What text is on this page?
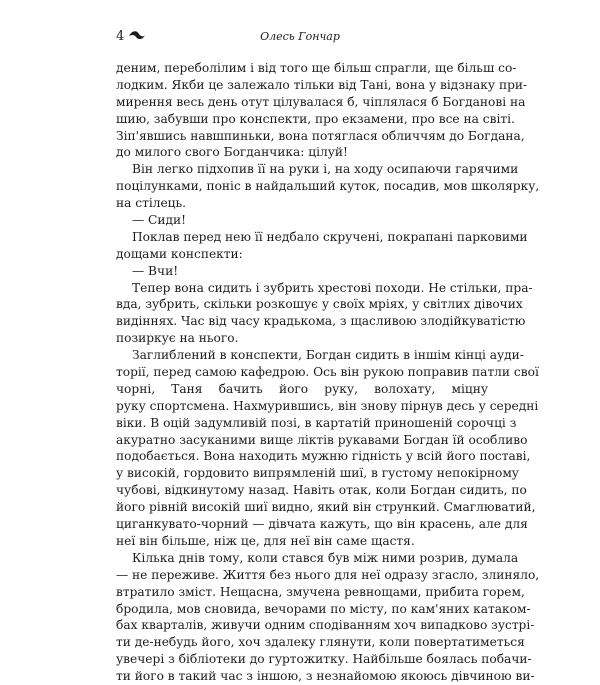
4	Олесь Гончар
деним, переболілим і від того ще більш спрагли, ще більш со-
лодким. Якби це залежало тільки від Тані, вона у відзнаку при-
мирення весь день отут цілувалася б, чіплялася б Богданові на
шию, забувши про конспекти, про екзамени, про все на світі.
Зіп'явшись навшпиньки, вона потяглася обличчям до Богдана,
до милого свого Богданчика: цілуй!
Він легко підхопив її на руки і, на ходу осипаючи гарячими
поцілунками, поніс в найдальший куток, посадив, мов школярку,
на стілець.
— Сиди!
Поклав перед нею її недбало скручені, покрапані парковими
дощами конспекти:
— Вчи!
Тепер вона сидить і зубрить хрестові походи. Не стільки, пра-
вда, зубрить, скільки розкошує у своїх мріях, у світлих дівочих
видіннях. Час від часу крадькома, з щасливою злодійкуватістю
позиркує на нього.
Заглиблений в конспекти, Богдан сидить в іншім кінці ауди-
торії, перед самою кафедрою. Ось він рукою поправив патли свої
чорні, Таня бачить його руку, волохату, міцну
руку спортсмена. Нахмурившись, він знову пірнув десь у середні
віки. В оцій задумливій позі, в картатій приношеній сорочці з
акуратно засуканими вище ліктів рукавами Богдан їй особливо
подобається. Вона находить мужню гідність у всій його поставі,
у високій, гордовито випрямленій шиї, в густому непокірному
чубові, відкинутому назад. Навіть отак, коли Богдан сидить, по
його рівній високій шиї видно, який він стрункий. Смаглюватий,
циганкувато-чорний — дівчата кажуть, що він красень, але для
неї він більше, ніж це, для неї він саме щастя.
Кілька днів тому, коли стався був між ними розрив, думала
— не переживе. Життя без нього для неї одразу згасло, злиняло,
втратило зміст. Нещасна, змучена ревнощами, прибита горем,
бродила, мов сновида, вечорами по місту, по кам'яних катаком-
бах кварталів, живучи одним сподіванням хоч випадково зустрі-
ти де-небудь його, хоч здалеку глянути, коли повертатиметься
увечері з бібліотеки до гуртожитку. Найбільше боялась побачи-
ти його в такий час з іншою, з незнайомою якоюсь дівчиною ви-
